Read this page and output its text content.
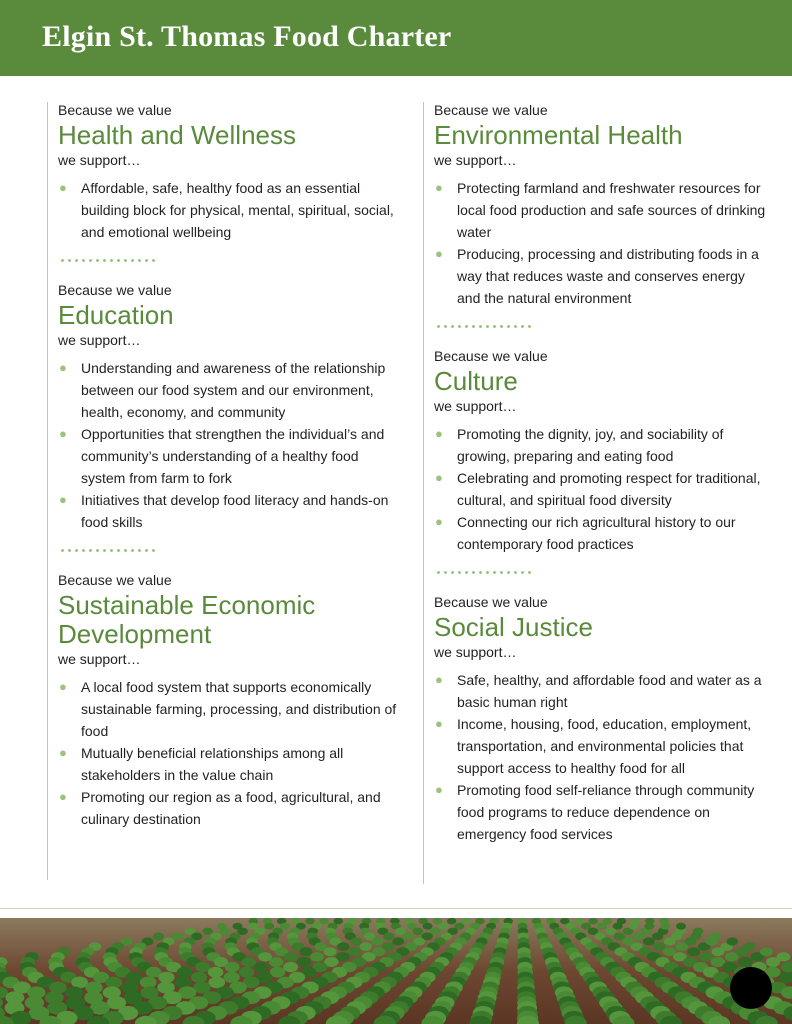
Elgin St. Thomas Food Charter

Because we value

Health and Wellness

we support…

● Affordable, safe, healthy food as an essential building block for physical, mental, spiritual, social, and emotional wellbeing

Because we value

Education

we support…

● Understanding and awareness of the relationship between our food system and our environment, health, economy, and community
● Opportunities that strengthen the individual’s and community’s understanding of a healthy food system from farm to fork
● Initiatives that develop food literacy and hands-on food skills

Because we value

Sustainable Economic Development

we support…

● A local food system that supports economically sustainable farming, processing, and distribution of food
● Mutually beneficial relationships among all stakeholders in the value chain
● Promoting our region as a food, agricultural, and culinary destination

Because we value

Environmental Health

we support…

● Protecting farmland and freshwater resources for local food production and safe sources of drinking water
● Producing, processing and distributing foods in a way that reduces waste and conserves energy and the natural environment

Because we value

Culture

we support…

● Promoting the dignity, joy, and sociability of growing, preparing and eating food
● Celebrating and promoting respect for traditional, cultural, and spiritual food diversity
● Connecting our rich agricultural history to our contemporary food practices

Because we value

Social Justice

we support…

● Safe, healthy, and affordable food and water as a basic human right
● Income, housing, food, education, employment, transportation, and environmental policies that support access to healthy food for all
● Promoting food self-reliance through community food programs to reduce dependence on emergency food services
